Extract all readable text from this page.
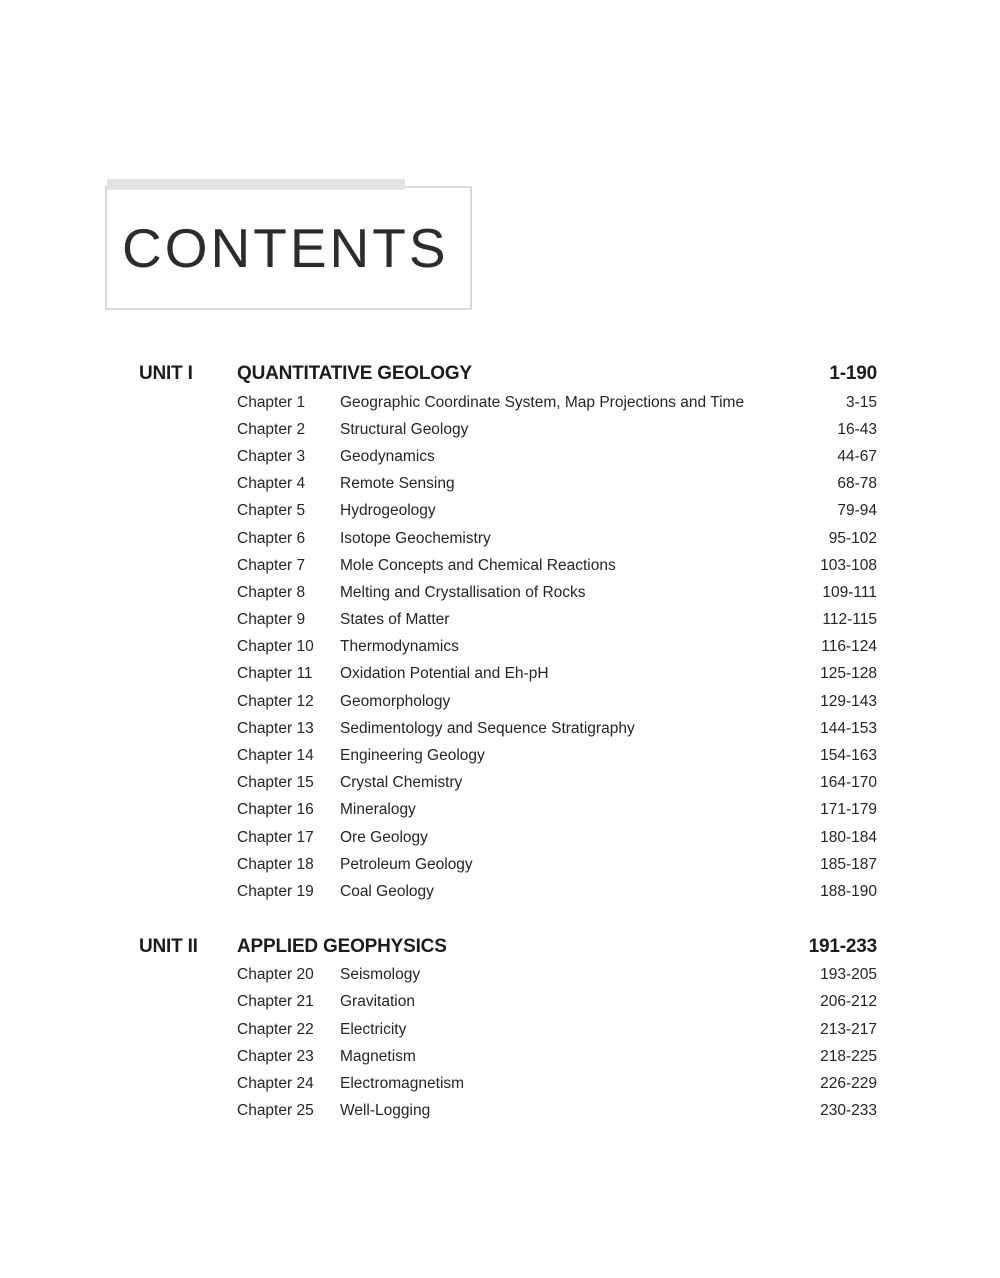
CONTENTS
UNIT I	QUANTITATIVE GEOLOGY	1-190
Chapter 1	Geographic Coordinate System, Map Projections and Time	3-15
Chapter 2	Structural Geology	16-43
Chapter 3	Geodynamics	44-67
Chapter 4	Remote Sensing	68-78
Chapter 5	Hydrogeology	79-94
Chapter 6	Isotope Geochemistry	95-102
Chapter 7	Mole Concepts and Chemical Reactions	103-108
Chapter 8	Melting and Crystallisation of Rocks	109-111
Chapter 9	States of Matter	112-115
Chapter 10	Thermodynamics	116-124
Chapter 11	Oxidation Potential and Eh-pH	125-128
Chapter 12	Geomorphology	129-143
Chapter 13	Sedimentology and Sequence Stratigraphy	144-153
Chapter 14	Engineering Geology	154-163
Chapter 15	Crystal Chemistry	164-170
Chapter 16	Mineralogy	171-179
Chapter 17	Ore Geology	180-184
Chapter 18	Petroleum Geology	185-187
Chapter 19	Coal Geology	188-190
UNIT II	APPLIED GEOPHYSICS	191-233
Chapter 20	Seismology	193-205
Chapter 21	Gravitation	206-212
Chapter 22	Electricity	213-217
Chapter 23	Magnetism	218-225
Chapter 24	Electromagnetism	226-229
Chapter 25	Well-Logging	230-233
